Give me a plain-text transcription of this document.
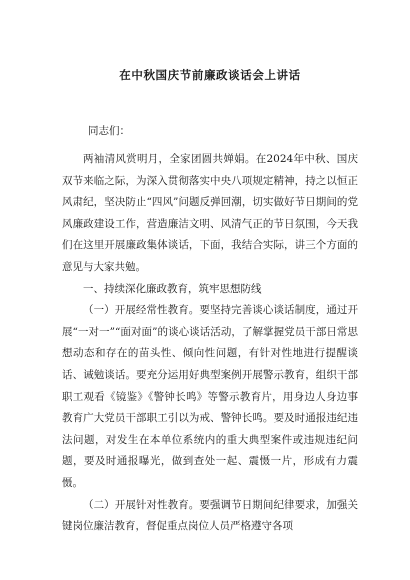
在中秋国庆节前廉政谈话会上讲话

同志们：

两袖清风赏明月，全家团圆共婵娟。在2024年中秋、国庆双节来临之际，为深入贯彻落实中央八项规定精神，持之以恒正风肃纪，坚决防止“四风”问题反弹回潮，切实做好节日期间的党风廉政建设工作，营造廉洁文明、风清气正的节日氛围，今天我们在这里开展廉政集体谈话，下面，我结合实际，讲三个方面的意见与大家共勉。

一、持续深化廉政教育，筑牢思想防线

（一）开展经常性教育。要坚持完善谈心谈话制度，通过开展“一对一”“面对面”的谈心谈话活动，了解掌握党员干部日常思想动态和存在的苗头性、倾向性问题，有针对性地进行提醒谈话、诫勉谈话。要充分运用好典型案例开展警示教育，组织干部职工观看《镜鉴》《警钟长鸣》等警示教育片，用身边人身边事教育广大党员干部职工引以为戒、警钟长鸣。要及时通报违纪违法问题，对发生在本单位系统内的重大典型案件或违规违纪问题，要及时通报曝光，做到查处一起、震慑一片，形成有力震慑。

（二）开展针对性教育。要强调节日期间纪律要求，加强关键岗位廉洁教育，督促重点岗位人员严格遵守各项
